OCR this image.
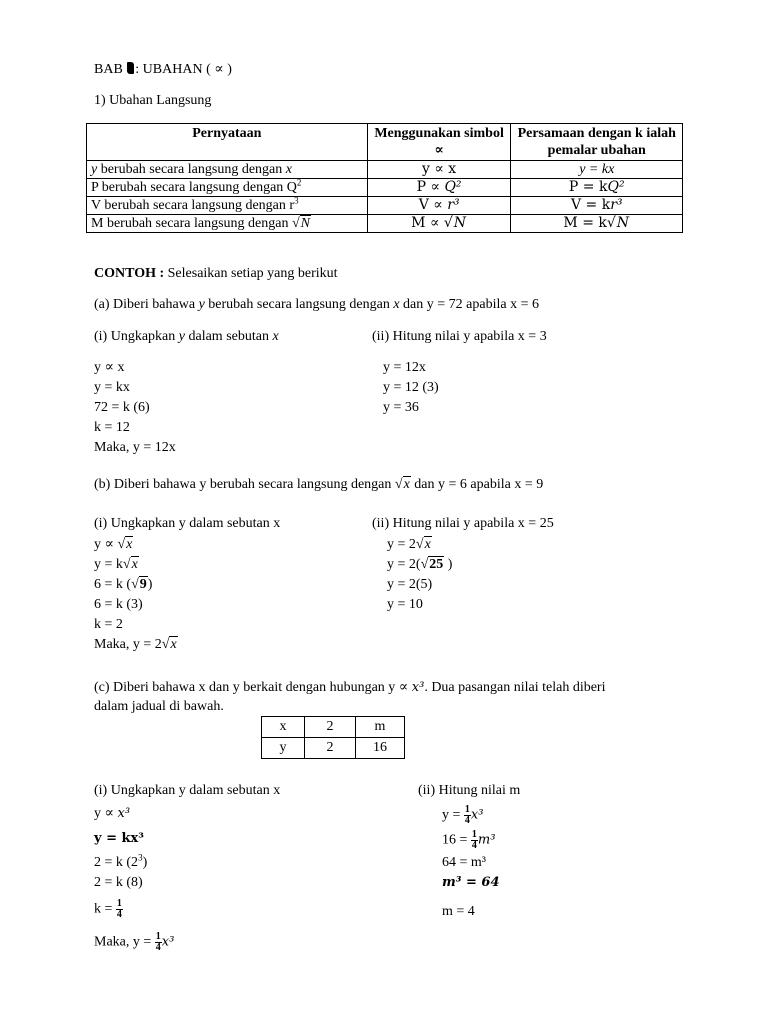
BAB : UBAHAN ( ∝ )
1) Ubahan Langsung
Pernyataan	Menggunakan simbol ∝	Persamaan dengan k ialah pemalar ubahan
y berubah secara langsung dengan x	y ∝ x	y = kx
P berubah secara langsung dengan $Q^2$	P ∝ Q²	P = kQ²
V berubah secara langsung dengan $r^3$	V ∝ r³	V = kr³
M berubah secara langsung dengan √N	M ∝ √N	M = k√N
CONTOH : Selesaikan setiap yang berikut
(a) Diberi bahawa y berubah secara langsung dengan x dan y = 72 apabila x = 6
(i) Ungkapkan y dalam sebutan x	(ii) Hitung nilai y apabila x = 3
y ∝ x
y = kx
72 = k (6)
k = 12
Maka, y = 12x
y = 12x
y = 12 (3)
y = 36
(b) Diberi bahawa y berubah secara langsung dengan √x dan y = 6 apabila x = 9
(i) Ungkapkan y dalam sebutan x	(ii) Hitung nilai y apabila x = 25
y ∝ √x
y = k√x
6 = k (√9)
6 = k (3)
k = 2
Maka, y = 2√x
y = 2√x
y = 2(√25 )
y = 2(5)
y = 10
(c) Diberi bahawa x dan y berkait dengan hubungan y ∝ x³. Dua pasangan nilai telah diberi
dalam jadual di bawah.
x	2	m
y	2	16
(i) Ungkapkan y dalam sebutan x	(ii) Hitung nilai m
y ∝ x³
y = kx³
2 = k $(2^3)$
2 = k (8)
$k = \frac{1}{4}$
Maka, $y = \frac{1}{4} x^3$
$y = \frac{1}{4} x^3$
$16 = \frac{1}{4} m^3$
64 = m³
m³ = 64
m = 4
